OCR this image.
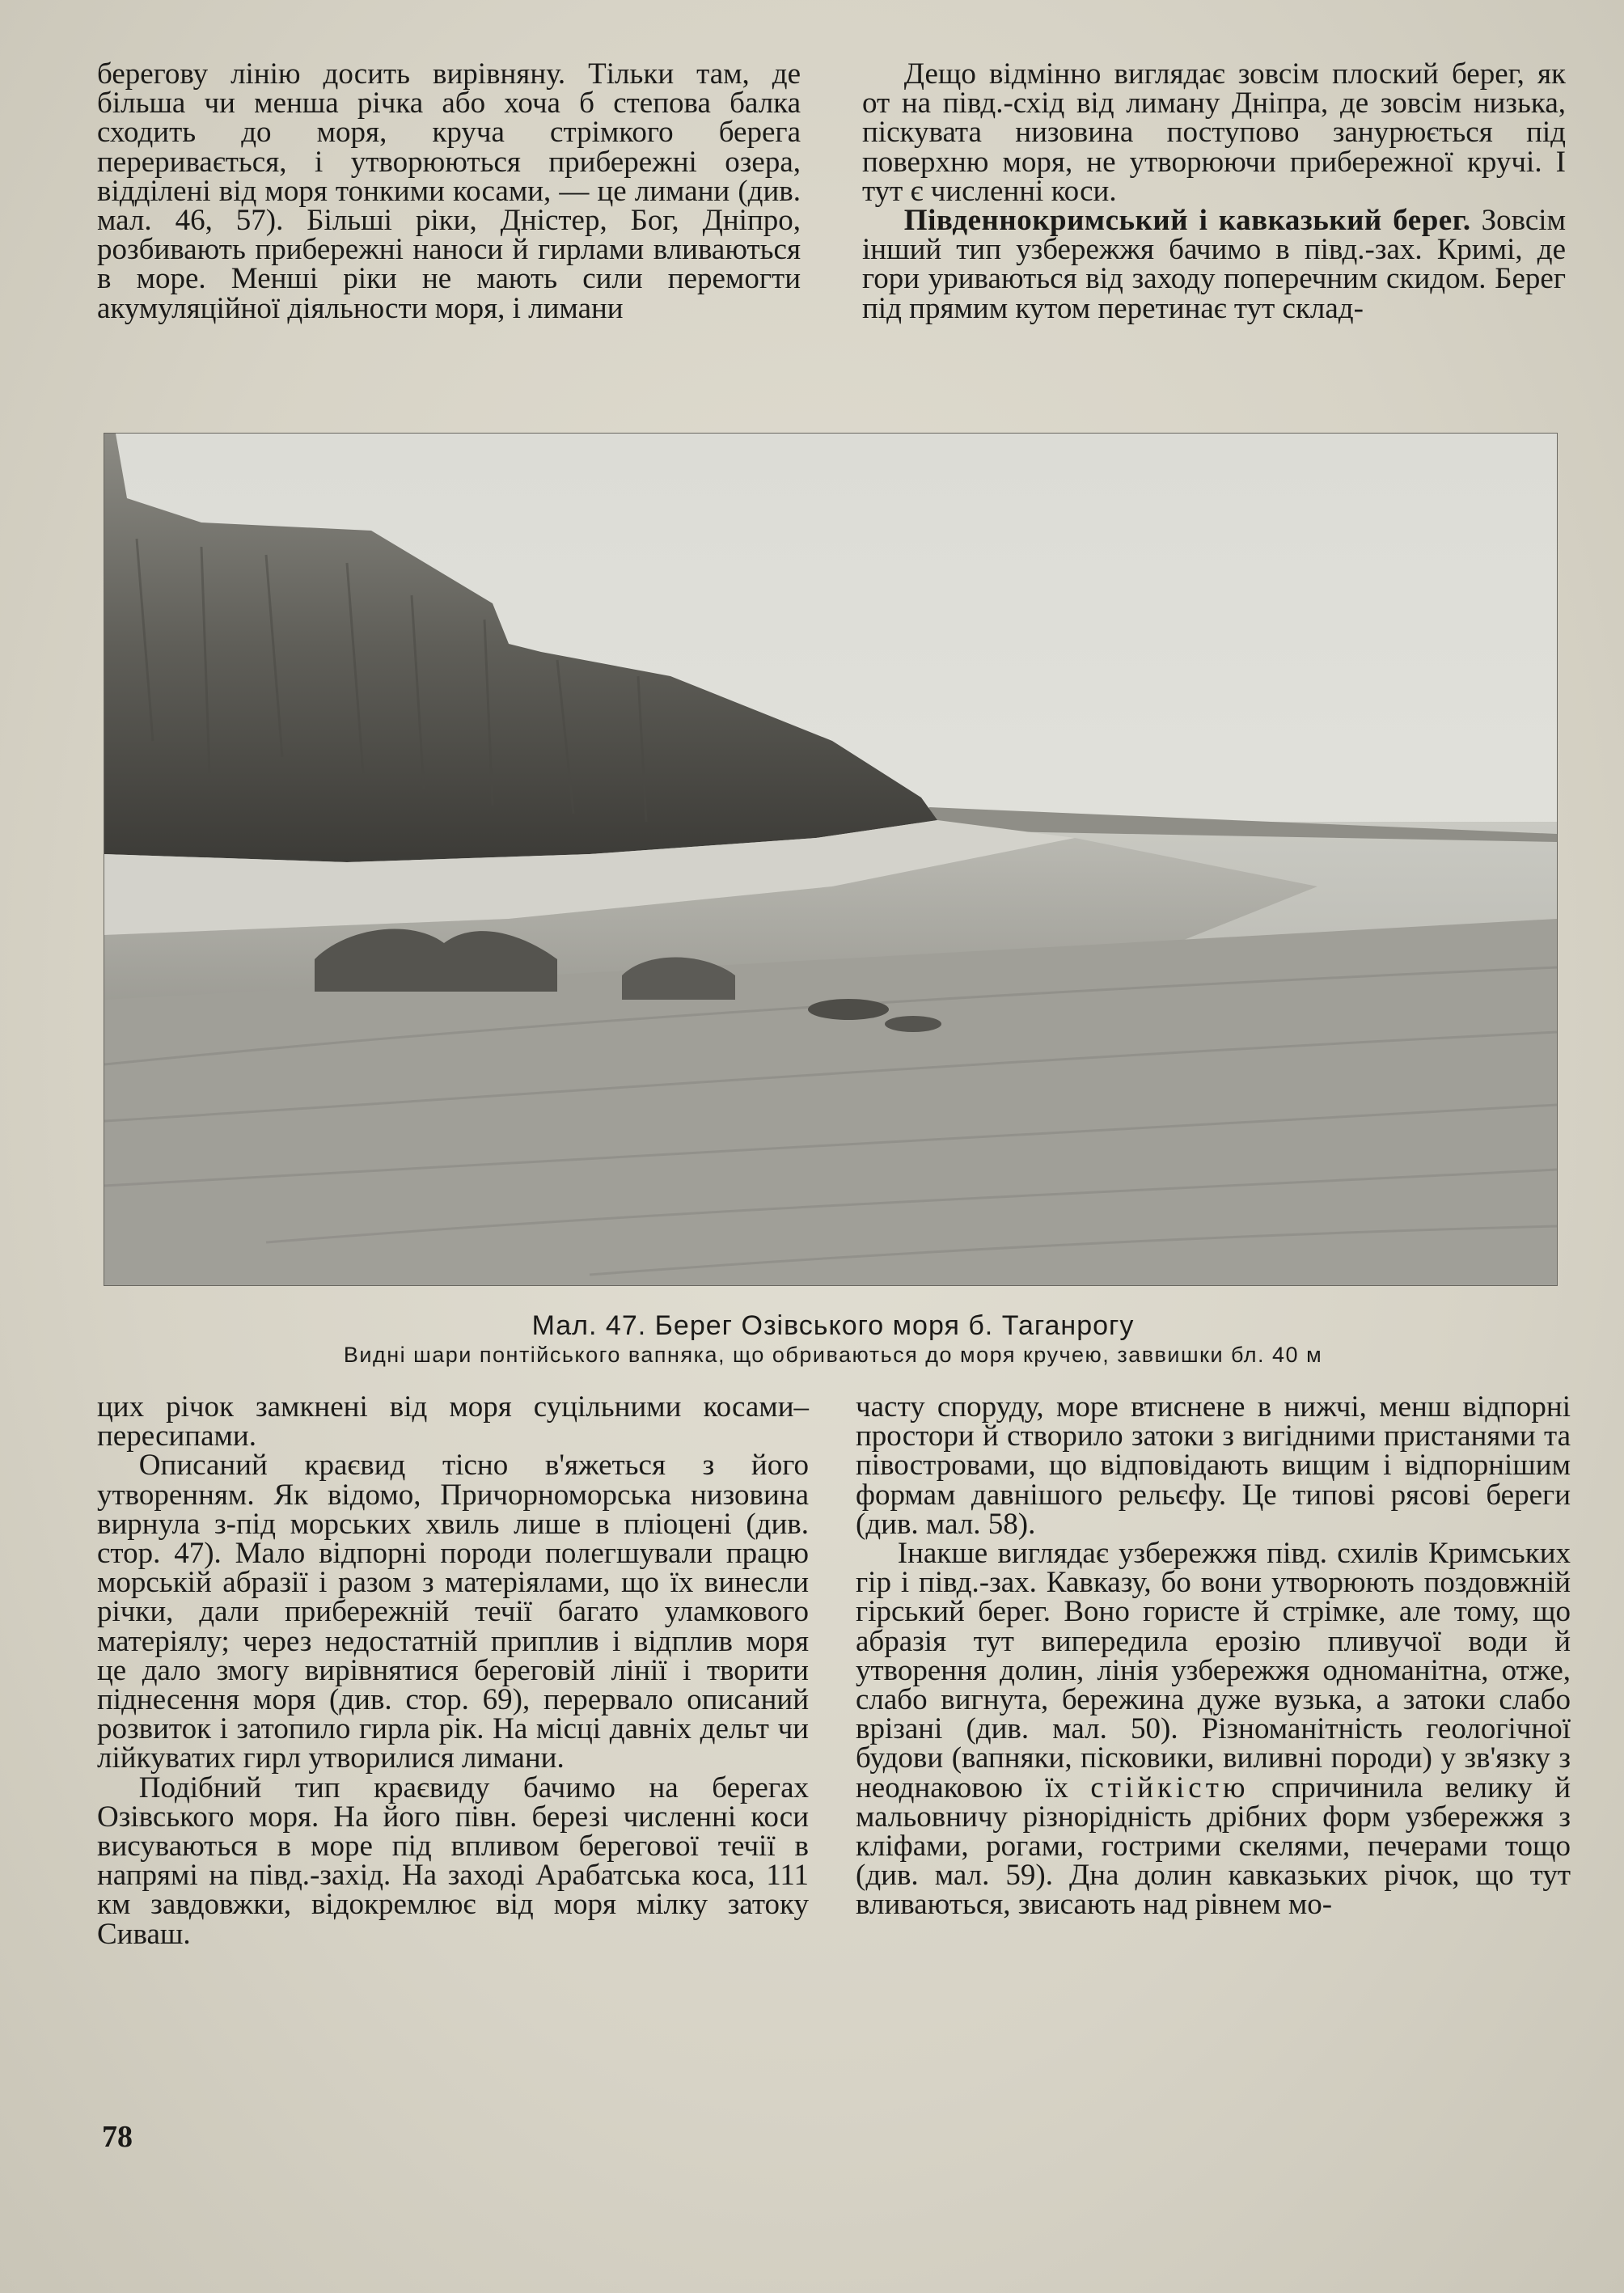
берегову лінію досить вирівняну. Тільки там, де більша чи менша річка або хоча б степова балка сходить до моря, круча стрімкого берега переривається, і утворюються прибережні озера, відділені від моря тонкими косами, — це лимани (див. мал. 46, 57). Більші ріки, Дністер, Бог, Дніпро, розбивають прибережні наноси й гирлами вливаються в море. Менші ріки не мають сили перемогти акумуляційної діяльности моря, і лимани

Дещо відмінно виглядає зовсім плоский берег, як от на півд.-схід від лиману Дніпра, де зовсім низька, піскувата низовина поступово занурюється під поверхню моря, не утворюючи прибережної кручі. І тут є численні коси.

Південнокримський і кавказький берег. Зовсім інший тип узбережжя бачимо в півд.-зах. Кримі, де гори уриваються від заходу поперечним скидом. Берег під прямим кутом перетинає тут склад-

Мал. 47. Берег Озівського моря б. Таганрогу
Видні шари понтійського вапняка, що обриваються до моря кручею, заввишки бл. 40 м

цих річок замкнені від моря суцільними косами–пересипами.

Описаний краєвид тісно в'яжеться з його утворенням. Як відомо, Причорноморська низовина вирнула з-під морських хвиль лише в пліоцені (див. стор. 47). Мало відпорні породи полегшували працю морській абразії і разом з матеріялами, що їх винесли річки, дали прибережній течії багато уламкового матеріялу; через недостатній приплив і відплив моря це дало змогу вирівнятися береговій лінії і творити піднесення моря (див. стор. 69), перервало описаний розвиток і затопило гирла рік. На місці давніх дельт чи лійкуватих гирл утворилися лимани.

Подібний тип краєвиду бачимо на берегах Озівського моря. На його півн. березі численні коси висуваються в море під впливом берегової течії в напрямі на півд.-захід. На заході Арабатська коса, 111 км завдовжки, відокремлює від моря мілку затоку Сиваш.

часту споруду, море втиснене в нижчі, менш відпорні простори й створило затоки з вигідними пристанями та півостровами, що відповідають вищим і відпорнішим формам давнішого рельєфу. Це типові рясові береги (див. мал. 58).

Інакше виглядає узбережжя півд. схилів Кримських гір і півд.-зах. Кавказу, бо вони утворюють поздовжній гірський берег. Воно гористе й стрімке, але тому, що абразія тут випередила ерозію пливучої води й утворення долин, лінія узбережжя одноманітна, отже, слабо вигнута, бережина дуже вузька, а затоки слабо врізані (див. мал. 50). Різноманітність геологічної будови (вапняки, пісковики, виливні породи) у зв'язку з неоднаковою їх стійкістю спричинила велику й мальовничу різнорідність дрібних форм узбережжя з кліфами, рогами, гострими скелями, печерами тощо (див. мал. 59). Дна долин кавказьких річок, що тут вливаються, звисають над рівнем мо-

78
